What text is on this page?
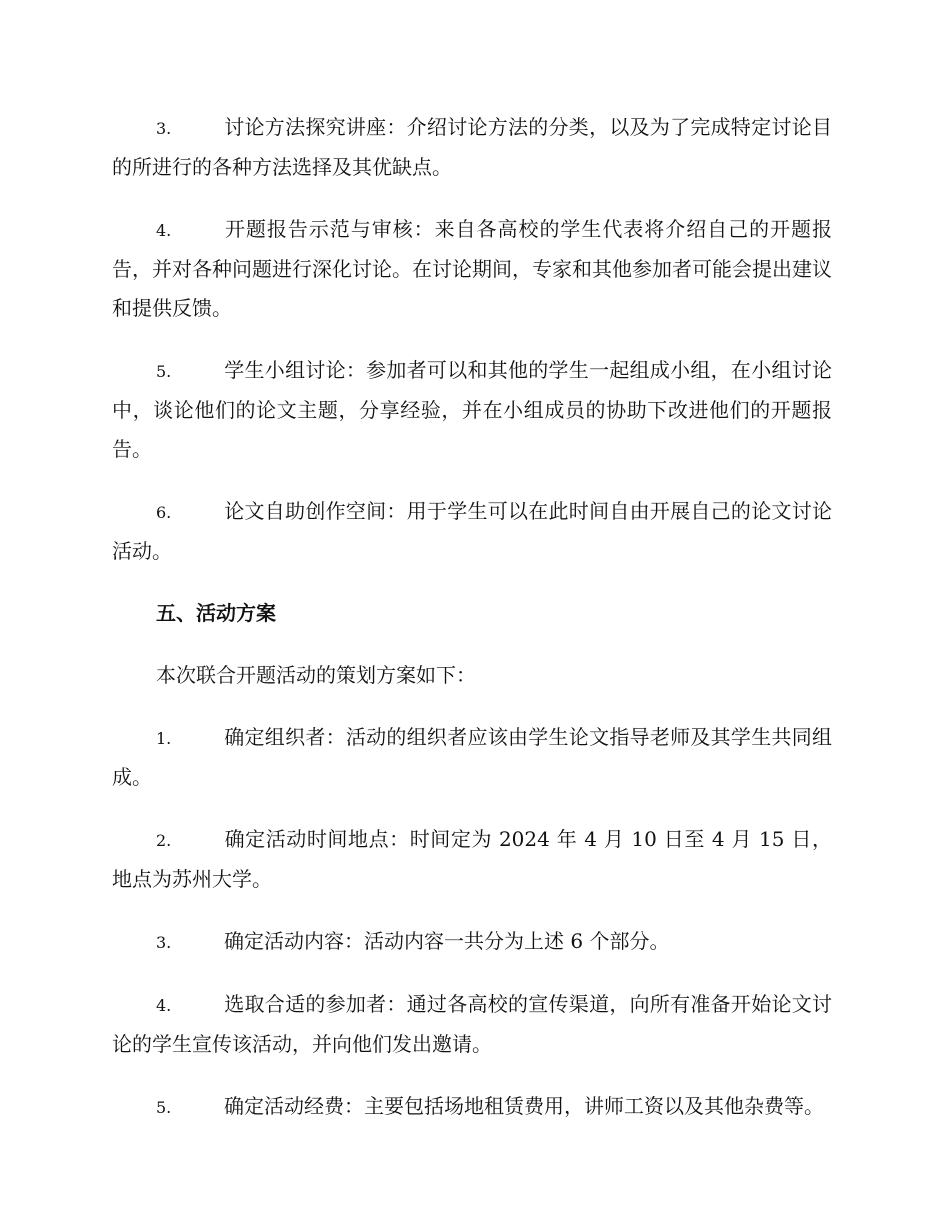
3.	讨论方法探究讲座：介绍讨论方法的分类，以及为了完成特定讨论目的所进行的各种方法选择及其优缺点。

4.	开题报告示范与审核：来自各高校的学生代表将介绍自己的开题报告，并对各种问题进行深化讨论。在讨论期间，专家和其他参加者可能会提出建议和提供反馈。

5.	学生小组讨论：参加者可以和其他的学生一起组成小组，在小组讨论中，谈论他们的论文主题，分享经验，并在小组成员的协助下改进他们的开题报告。

6.	论文自助创作空间：用于学生可以在此时间自由开展自己的论文讨论活动。

五、活动方案

本次联合开题活动的策划方案如下：

1.	确定组织者：活动的组织者应该由学生论文指导老师及其学生共同组成。

2.	确定活动时间地点：时间定为 2024 年 4 月 10 日至 4 月 15 日，地点为苏州大学。

3.	确定活动内容：活动内容一共分为上述 6 个部分。

4.	选取合适的参加者：通过各高校的宣传渠道，向所有准备开始论文讨论的学生宣传该活动，并向他们发出邀请。

5.	确定活动经费：主要包括场地租赁费用，讲师工资以及其他杂费等。
